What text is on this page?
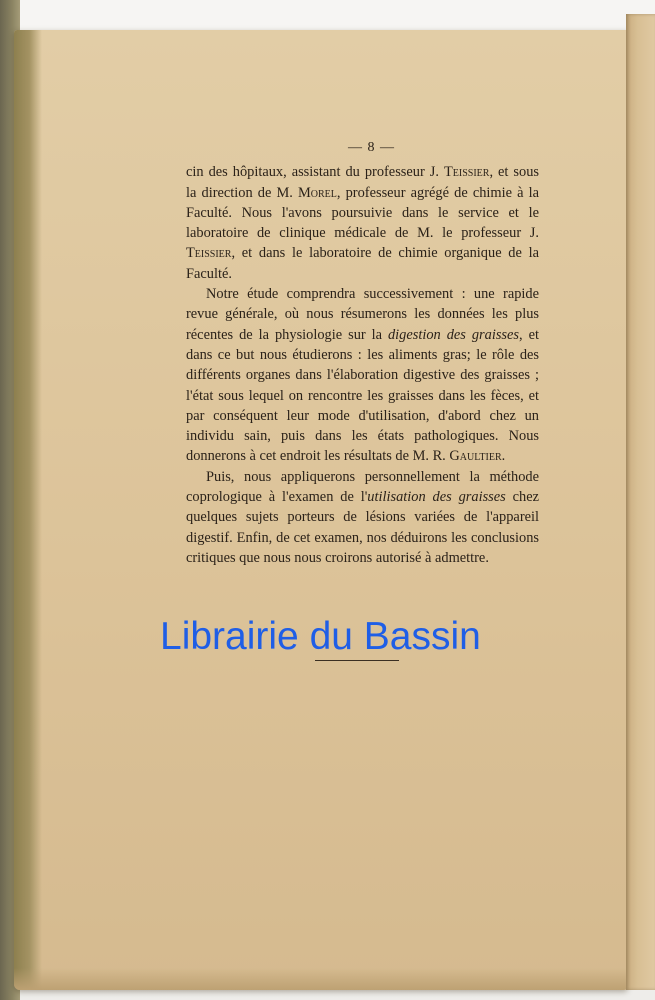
— 8 —

cin des hôpitaux, assistant du professeur J. Teissier, et sous la direction de M. Morel, professeur agrégé de chimie à la Faculté. Nous l'avons poursuivie dans le service et le laboratoire de clinique médicale de M. le professeur J. Teissier, et dans le laboratoire de chimie organique de la Faculté.

Notre étude comprendra successivement : une rapide revue générale, où nous résumerons les données les plus récentes de la physiologie sur la digestion des graisses, et dans ce but nous étudierons : les aliments gras; le rôle des différents organes dans l'élaboration digestive des graisses ; l'état sous lequel on rencontre les graisses dans les fèces, et par conséquent leur mode d'utilisation, d'abord chez un individu sain, puis dans les états pathologiques. Nous donnerons à cet endroit les résultats de M. R. Gaultier.

Puis, nous appliquerons personnellement la méthode coprologique à l'examen de l'utilisation des graisses chez quelques sujets porteurs de lésions variées de l'appareil digestif. Enfin, de cet examen, nos déduirons les conclusions critiques que nous nous croirons autorisé à admettre.

Librairie du Bassin
